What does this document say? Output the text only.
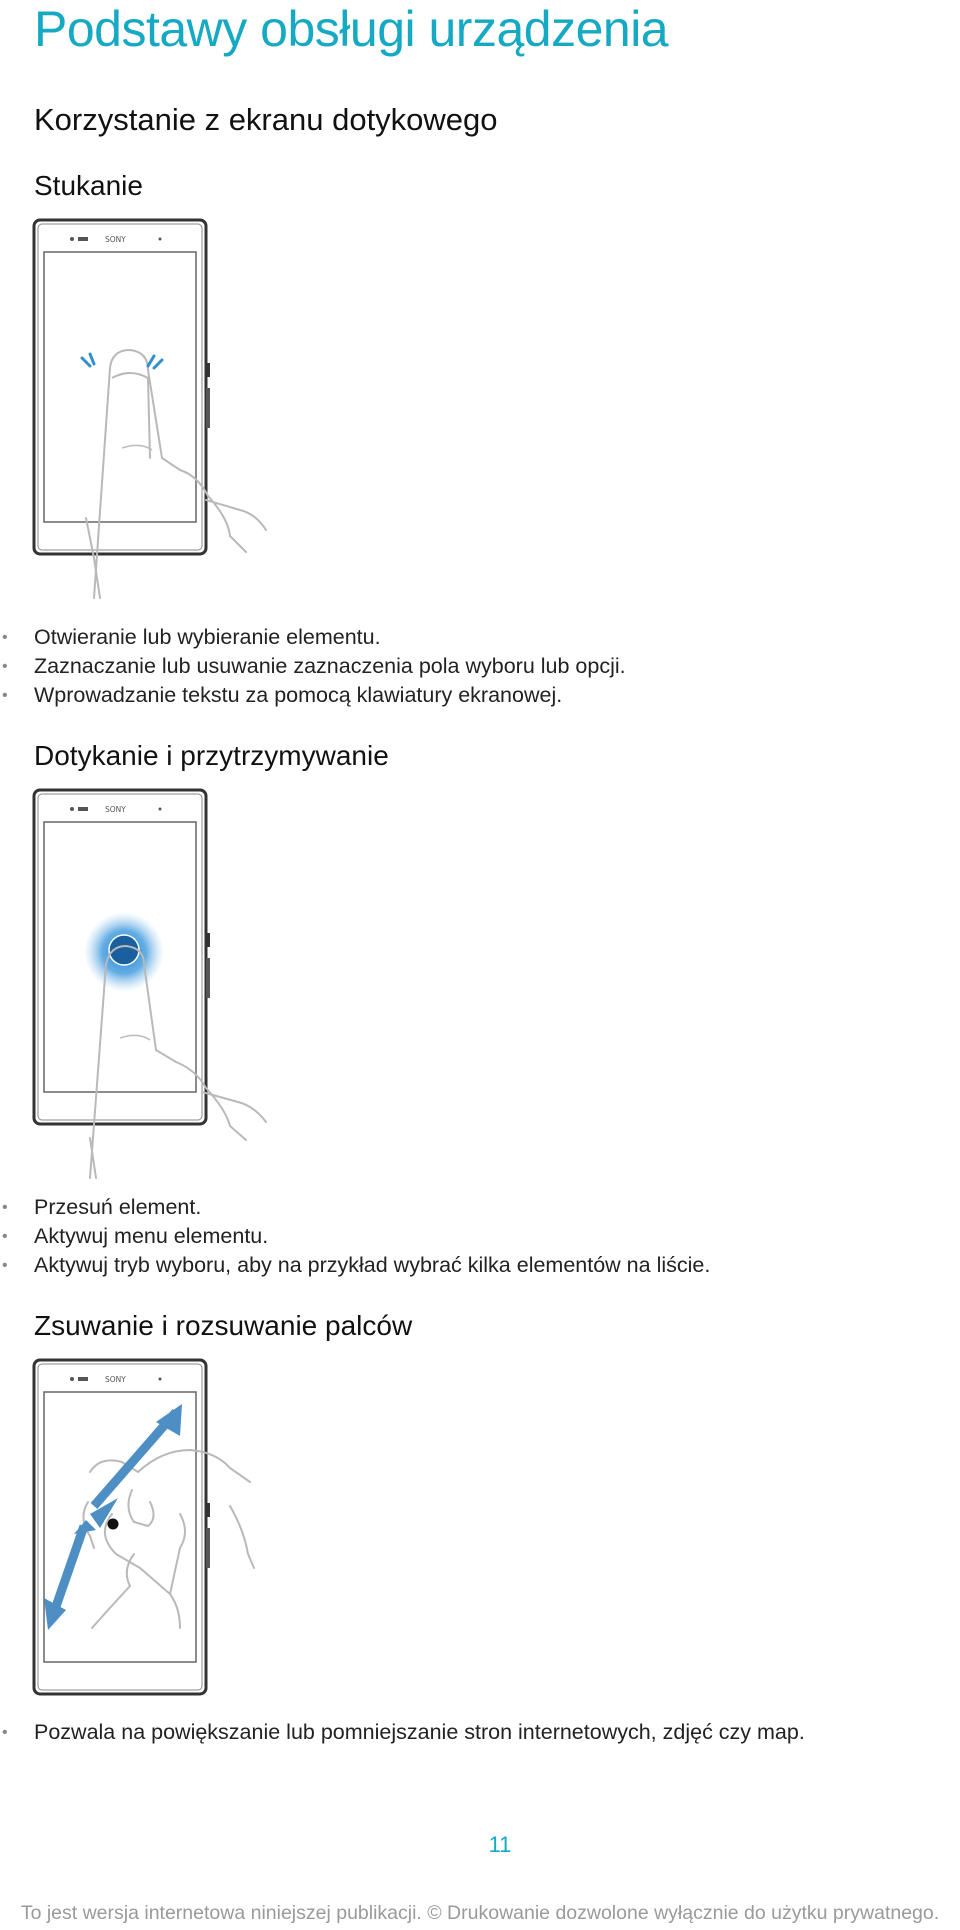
Podstawy obsługi urządzenia
Korzystanie z ekranu dotykowego
Stukanie
SONY
• Otwieranie lub wybieranie elementu.
• Zaznaczanie lub usuwanie zaznaczenia pola wyboru lub opcji.
• Wprowadzanie tekstu za pomocą klawiatury ekranowej.
Dotykanie i przytrzymywanie
SONY
• Przesuń element.
• Aktywuj menu elementu.
• Aktywuj tryb wyboru, aby na przykład wybrać kilka elementów na liście.
Zsuwanie i rozsuwanie palców
SONY
• Pozwala na powiększanie lub pomniejszanie stron internetowych, zdjęć czy map.
11
To jest wersja internetowa niniejszej publikacji. © Drukowanie dozwolone wyłącznie do użytku prywatnego.
